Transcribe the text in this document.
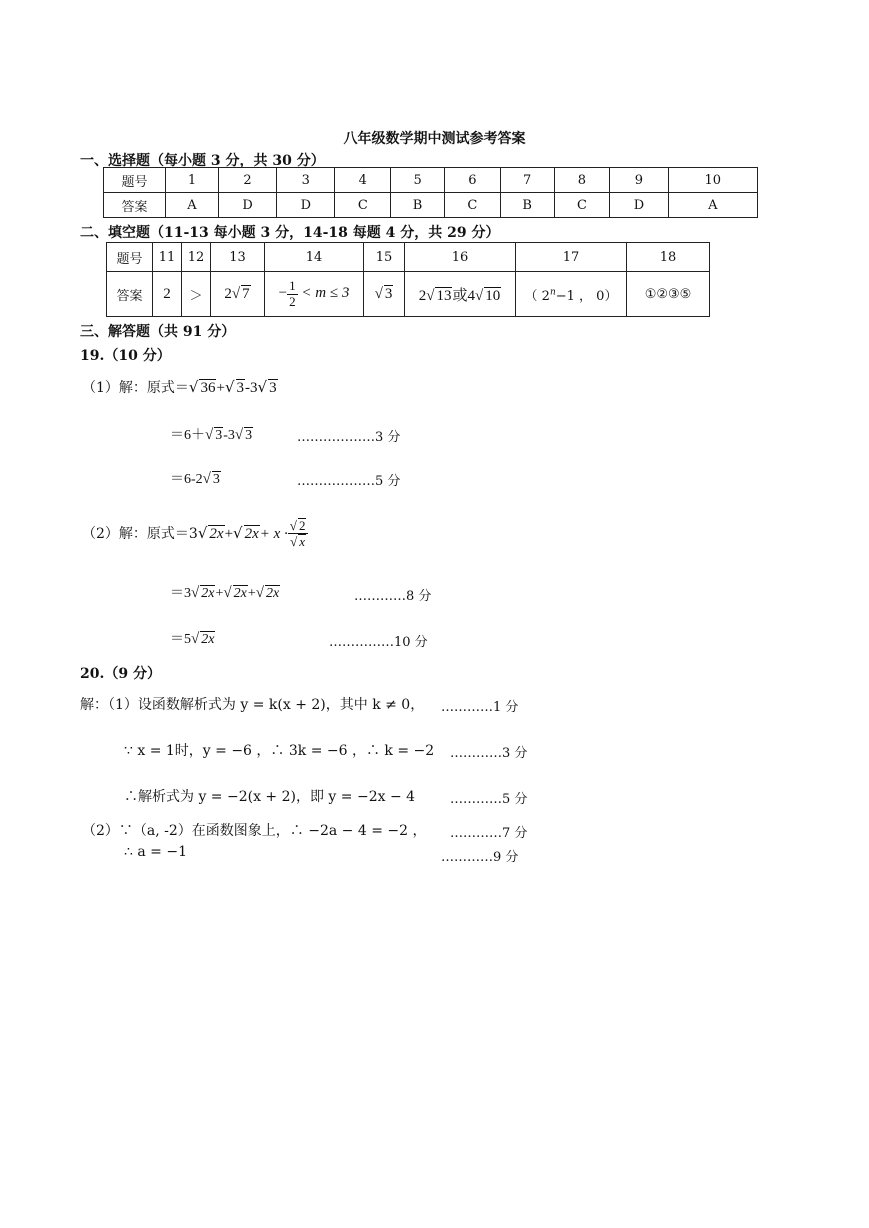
八年级数学期中测试参考答案
一、选择题（每小题 3 分，共 30 分）
题号	1	2	3	4	5	6	7	8	9	10
答案	A	D	D	C	B	C	B	C	D	A
二、填空题（11-13 每小题 3 分，14-18 每题 4 分，共 29 分）
题号	11	12	13	14	15	16	17	18
答案	2	＞	2√ 7	− $\frac{1}{2} < m \le 3$	√ 3	2√ 13或4√ 10	（ $2^n-1$ ， 0）	①②③⑤
三、解答题（共 91 分）
19.（10 分）
（1）解：原式＝√ 36+√ 3-3√ 3
＝6＋√ 3-3√ 3	………………3 分
＝6-2√ 3	………………5 分
（2）解：原式＝3√ 2x+√ $2x+ x \cdot \frac{√ 2}{√ x}$
＝3√ 2x+√ 2x+√ 2x	…………8 分
＝5√ 2x	……………10 分
20.（9 分）
解：（1）设函数解析式为 y = k(x + 2)，其中 k ≠ 0， …………1 分
∵ x = 1时，y = −6 ，∴ 3k = −6 ，∴ k = −2 …………3 分
∴解析式为 y = −2(x + 2)，即 y = −2x − 4	…………5 分
（2）∵（a, -2）在函数图象上，∴ −2a − 4 = −2 ， …………7 分
∴ a = −1	…………9 分
